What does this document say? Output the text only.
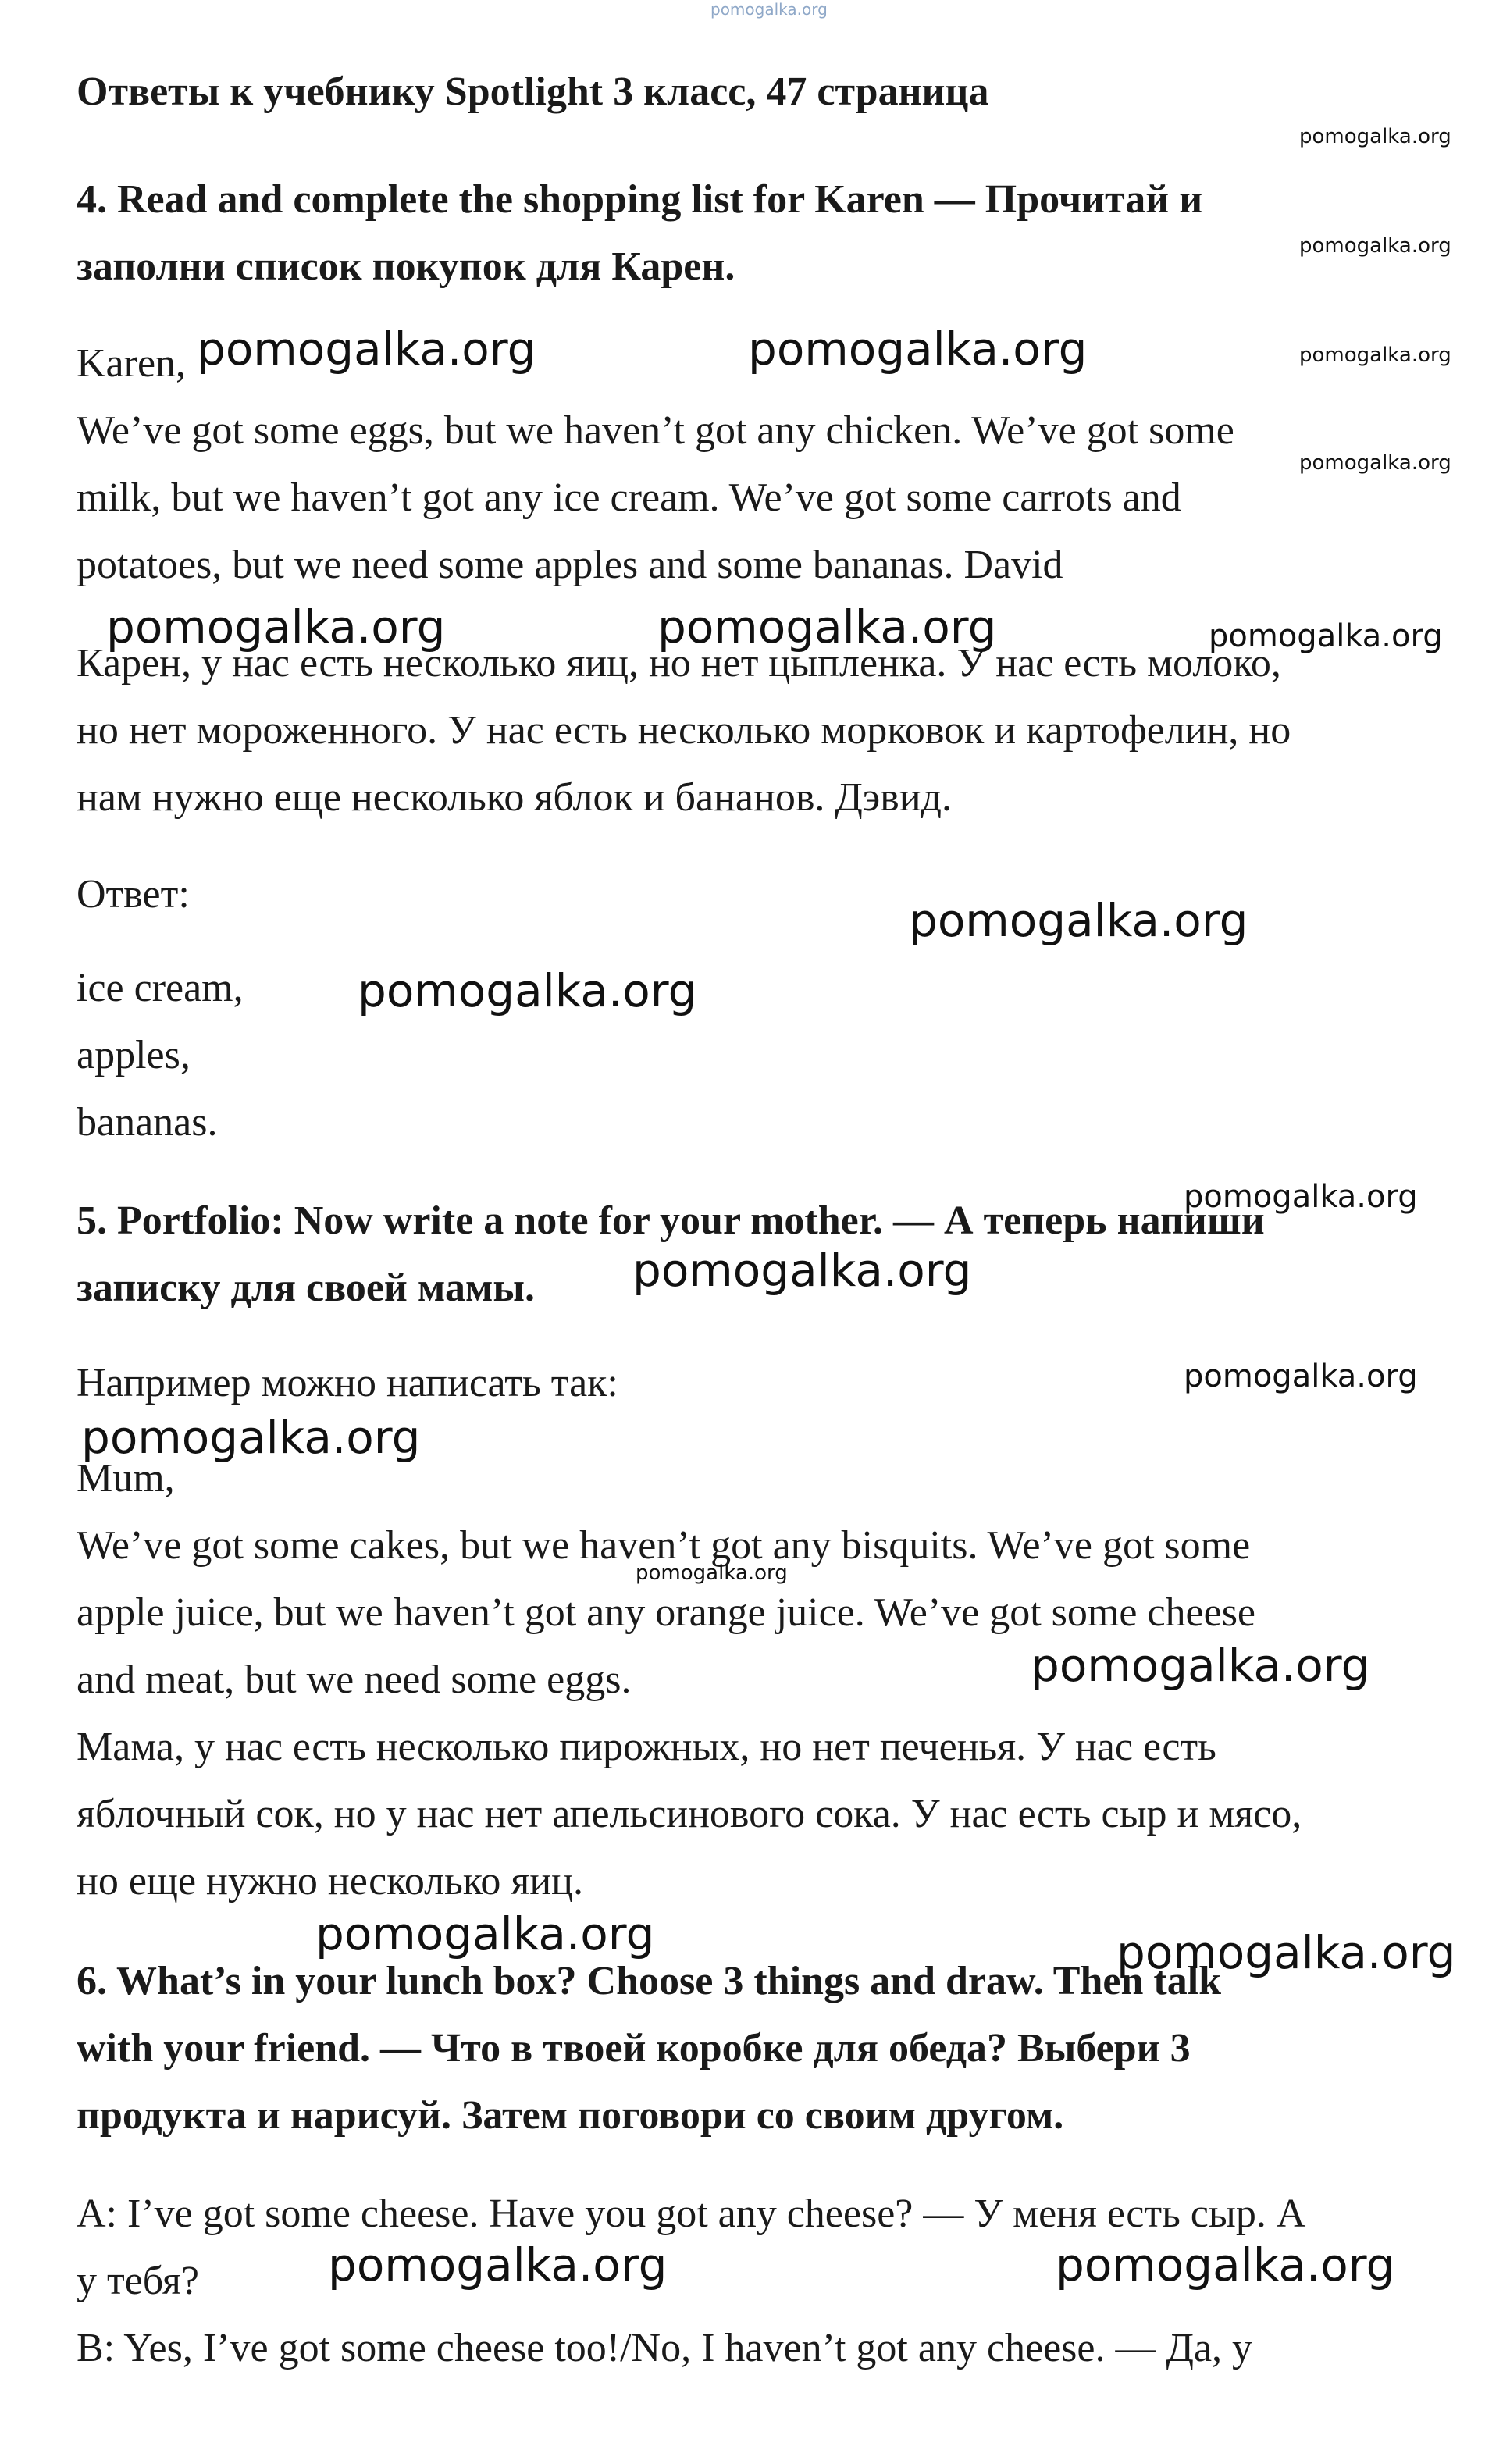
Ответы к учебнику Spotlight 3 класс, 47 страница
4. Read and complete the shopping list for Karen — Прочитай и
заполни список покупок для Карен.
Karen,
We’ve got some eggs, but we haven’t got any chicken. We’ve got some
milk, but we haven’t got any ice cream. We’ve got some carrots and
potatoes, but we need some apples and some bananas. David
Карен, у нас есть несколько яиц, но нет цыпленка. У нас есть молоко,
но нет мороженного. У нас есть несколько морковок и картофелин, но
нам нужно еще несколько яблок и бананов. Дэвид.
Ответ:
ice cream,
apples,
bananas.
5. Portfolio: Now write a note for your mother. — А теперь напиши
записку для своей мамы.
Например можно написать так:
Mum,
We’ve got some cakes, but we haven’t got any bisquits. We’ve got some
apple juice, but we haven’t got any orange juice. We’ve got some cheese
and meat, but we need some eggs.
Мама, у нас есть несколько пирожных, но нет печенья. У нас есть
яблочный сок, но у нас нет апельсинового сока. У нас есть сыр и мясо,
но еще нужно несколько яиц.
6. What’s in your lunch box? Choose 3 things and draw. Then talk
with your friend. — Что в твоей коробке для обеда? Выбери 3
продукта и нарисуй. Затем поговори со своим другом.
A: I’ve got some cheese. Have you got any cheese? — У меня есть сыр. А
у тебя?
B: Yes, I’ve got some cheese too!/No, I haven’t got any cheese. — Да, у
pomogalka.org
pomogalka.org
pomogalka.org
pomogalka.org
pomogalka.org
pomogalka.org	pomogalka.org
pomogalka.org	pomogalka.org	pomogalka.org
pomogalka.org
pomogalka.org
pomogalka.org
pomogalka.org
pomogalka.org
pomogalka.org
pomogalka.org
pomogalka.org
pomogalka.org	pomogalka.org
pomogalka.org	pomogalka.org
